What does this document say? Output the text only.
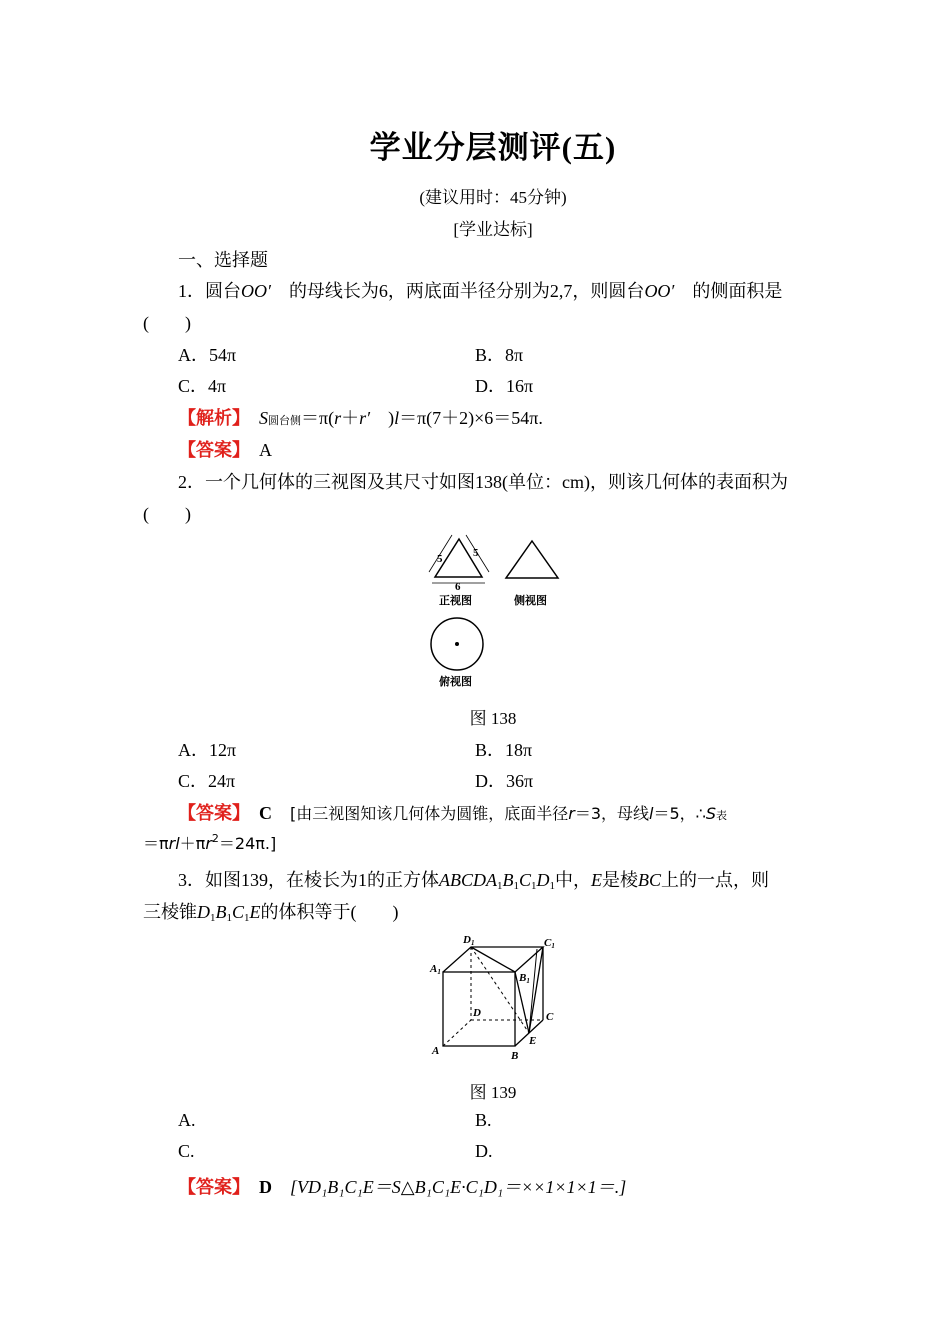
学业分层测评(五)
(建议用时：45分钟)
[学业达标]
一、选择题
1．圆台OO′　 的母线长为6，两底面半径分别为2,7，则圆台OO′　 的侧面积是
(　　)
A．54π	B．8π
C．4π	D．16π
【解析】　 S圆台侧＝π(r＋r′　 )l＝π(7＋2)×6＝54π.
【答案】　 A
2．一个几何体的三视图及其尺寸如图138(单位：cm)，则该几何体的表面积为
(　　)
5	5
6
正视图	侧视图
俯视图
图 138
A．12π	B．18π
C．24π	D．36π
【答案】　 C　 [由三视图知该几何体为圆锥，底面半径r＝3，母线l＝5，∴S表
$=\pi rl+\pi r^2=24\pi$.]
3．如图139，在棱长为1的正方体$ABCDA_1B_1C_1D_1$中，E是棱BC上的一点，则
三棱锥$D_1B_1C_1E$的体积等于(　　)
D1	C1
A1	B1
D	C
A	B
E
图 139
A.	B.
C.	D.
【答案】　 D　 [VD₁B₁C₁E＝S△B₁C₁E·C₁D₁＝××1×1×1＝.]
